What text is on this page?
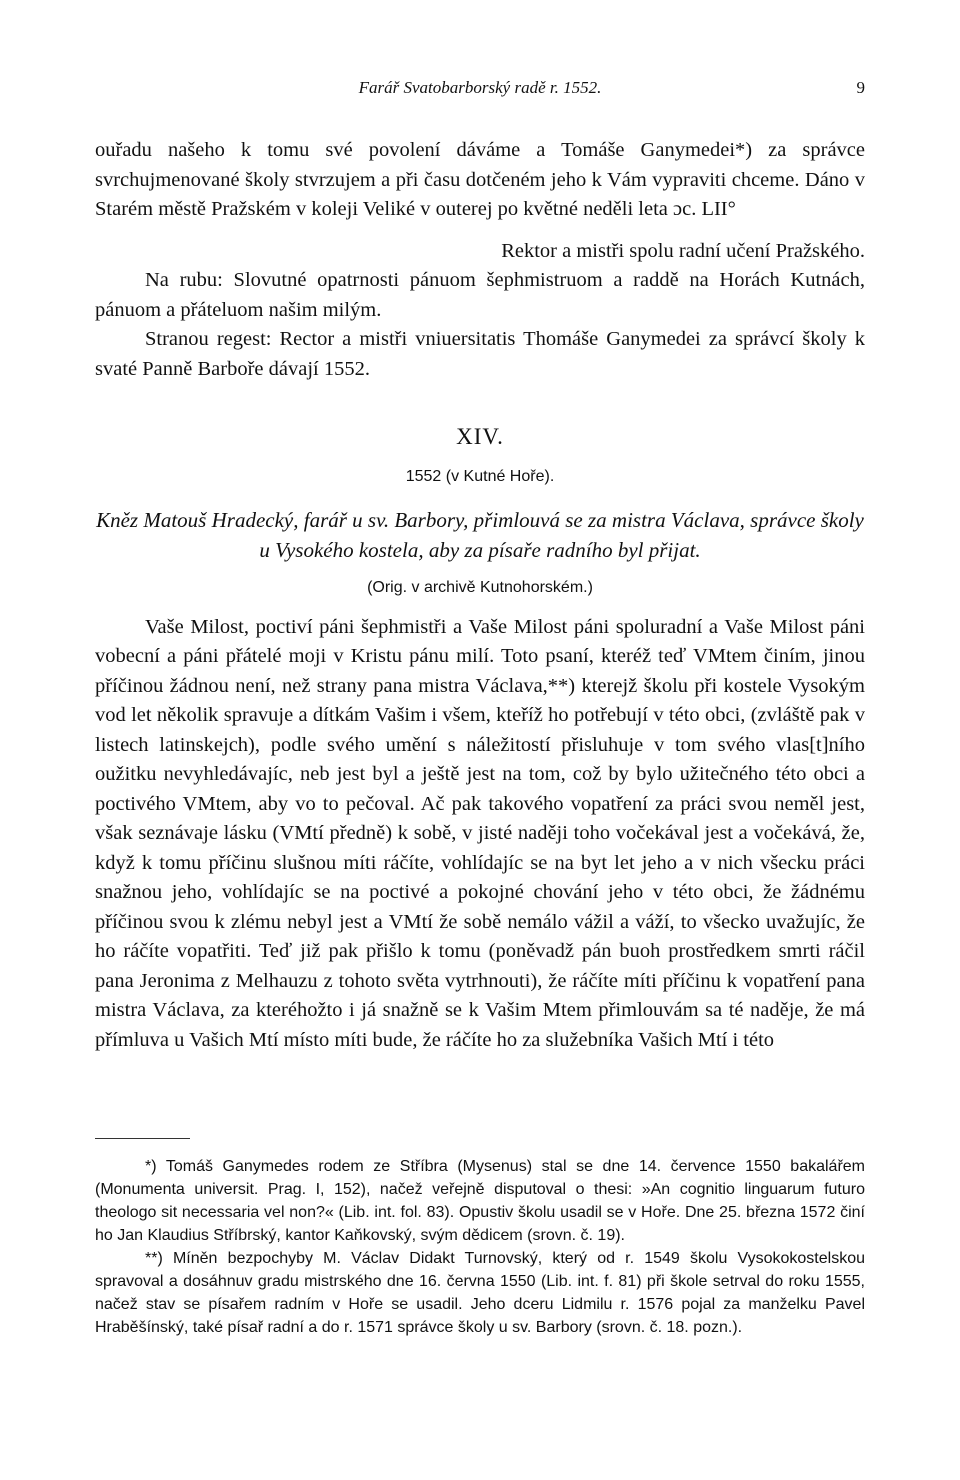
Farář Svatobarborský radě r. 1552.	9

ouřadu našeho k tomu své povolení dáváme a Tomáše Ganymedei*) za správce svrchujmenované školy stvrzujem a při času dotčeném jeho k Vám vypraviti chceme. Dáno v Starém městě Pražském v koleji Veliké v outerej po květné neděli leta ɔc. LII°

Rektor a mistři spolu radní učení Pražského.

Na rubu: Slovutné opatrnosti pánuom šephmistruom a raddě na Horách Kutnách, pánuom a přáteluom našim milým.

Stranou regest: Rector a mistři vniuersitatis Thomáše Ganymedei za správcí školy k svaté Panně Barboře dávají 1552.

XIV.
1552 (v Kutné Hoře).
Kněz Matouš Hradecký, farář u sv. Barbory, přimlouvá se za mistra Václava, správce školy u Vysokého kostela, aby za písaře radního byl přijat.
(Orig. v archivě Kutnohorském.)

Vaše Milost, poctiví páni šephmistři a Vaše Milost páni spoluradní a Vaše Milost páni vobecní a páni přátelé moji v Kristu pánu milí. Toto psaní, kteréž teď VMtem činím, jinou příčinou žádnou není, než strany pana mistra Václava,**) kterejž školu při kostele Vysokým vod let několik spravuje a dítkám Vašim i všem, kteříž ho potřebují v této obci, (zvláště pak v listech latinskejch), podle svého umění s náležitostí přisluhuje v tom svého vlas[t]ního oužitku nevyhledávajíc, neb jest byl a ještě jest na tom, což by bylo užitečného této obci a poctivého VMtem, aby vo to pečoval. Ač pak takového vopatření za práci svou neměl jest, však seznávaje lásku (VMtí předně) k sobě, v jisté naději toho vočekával jest a vočekává, že, když k tomu příčinu slušnou míti ráčíte, vohlídajíc se na byt let jeho a v nich všecku práci snažnou jeho, vohlídajíc se na poctivé a pokojné chování jeho v této obci, že žádnému příčinou svou k zlému nebyl jest a VMtí že sobě nemálo vážil a váží, to všecko uvažujíc, že ho ráčíte vopatřiti. Teď již pak přišlo k tomu (poněvadž pán buoh prostředkem smrti ráčil pana Jeronima z Melhauzu z tohoto světa vytrhnouti), že ráčíte míti příčinu k vopatření pana mistra Václava, za kteréhožto i já snažně se k Vašim Mtem přimlouvám sa té naděje, že má přímluva u Vašich Mtí místo míti bude, že ráčíte ho za služebníka Vašich Mtí i této

*) Tomáš Ganymedes rodem ze Stříbra (Mysenus) stal se dne 14. července 1550 bakalářem (Monumenta universit. Prag. I, 152), načež veřejně disputoval o thesi: »An cognitio linguarum futuro theologo sit necessaria vel non?« (Lib. int. fol. 83). Opustiv školu usadil se v Hoře. Dne 25. března 1572 činí ho Jan Klaudius Stříbrský, kantor Kaňkovský, svým dědicem (srovn. č. 19).

**) Míněn bezpochyby M. Václav Didakt Turnovský, který od r. 1549 školu Vysokokostelskou spravoval a dosáhnuv gradu mistrského dne 16. června 1550 (Lib. int. f. 81) při škole setrval do roku 1555, načež stav se písařem radním v Hoře se usadil. Jeho dceru Lidmilu r. 1576 pojal za manželku Pavel Hraběšínský, také písař radní a do r. 1571 správce školy u sv. Barbory (srovn. č. 18. pozn.).
